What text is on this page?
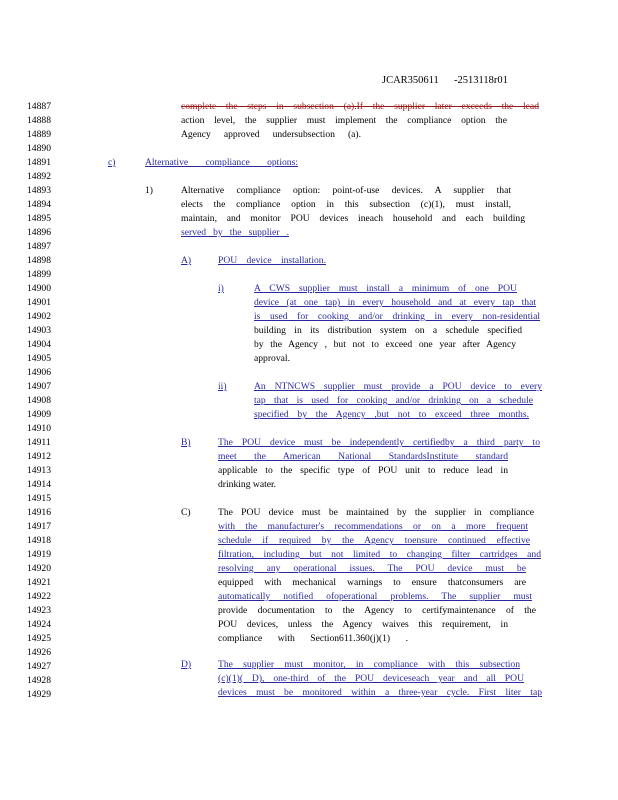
JCAR350611 -2513118r01
14887
14888
14889
14890
14891
14892
14893
14894
14895
14896
14897
14898
14899
14900
14901
14902
14903
14904
14905
14906
14907
14908
14909
14910
14911
14912
14913
14914
14915
14916
14917
14918
14919
14920
14921
14922
14923
14924
14925
14926
14927
14928
14929
complete the steps in subsection (a).If the supplier later exceeds the lead
action level, the supplier must implement the compliance option the
Agency approved undersubsection (a).
c)	Alternative compliance options:
1)	Alternative compliance option: point-of-use devices. A supplier that
elects the compliance option in this subsection (c)(1), must install,
maintain, and monitor POU devices ineach household and each building
served by the supplier .
A)	POU device installation.
i)	A CWS supplier must install a minimum of one POU
device (at one tap) in every household and at every tap that
is used for cooking and/or drinking in every non-residential
building in its distribution system on a schedule specified
by the Agency , but not to exceed one year after Agency
approval.
ii)	An NTNCWS supplier must provide a POU device to every
tap that is used for cooking and/or drinking on a schedule
specified by the Agency ,but not to exceed three months.
B)	The POU device must be independently certifiedby a third party to
meet the American National StandardsInstitute standard
applicable to the specific type of POU unit to reduce lead in
drinking water.
C)	The POU device must be maintained by the supplier in compliance
with the manufacturer's recommendations or on a more frequent
schedule if required by the Agency toensure continued effective
filtration, including but not limited to changing filter cartridges and
resolving any operational issues. The POU device must be
equipped with mechanical warnings to ensure thatconsumers are
automatically notified ofoperational problems. The supplier must
provide documentation to the Agency to certifymaintenance of the
POU devices, unless the Agency waives this requirement, in
compliance with Section611.360(j)(1) .
D)	The supplier must monitor, in compliance with this subsection
(c)(1)( D), one-third of the POU deviceseach year and all POU
devices must be monitored within a three-year cycle. First liter tap
